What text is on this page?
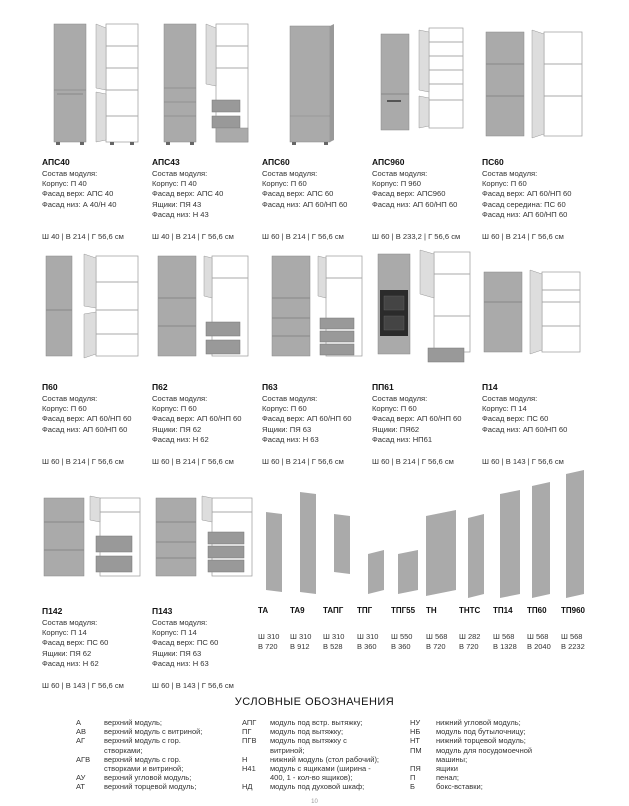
АПС40
Состав модуля:
Корпус: П 40
Фасад верх: АПС 40
Фасад низ: А 40/Н 40
Ш 40 | В 214 | Г 56,6 см
АПС43
Состав модуля:
Корпус: П 40
Фасад верх: АПС 40
Ящики: ПЯ 43
Фасад низ: Н 43
Ш 40 | В 214 | Г 56,6 см
АПС60
Состав модуля:
Корпус: П 60
Фасад верх: АПС 60
Фасад низ: АП 60/НП 60
Ш 60 | В 214 | Г 56,6 см
АПС960
Состав модуля:
Корпус: П 960
Фасад верх: АПС960
Фасад низ: АП 60/НП 60
Ш 60 | В 233,2 | Г 56,6 см
ПС60
Состав модуля:
Корпус: П 60
Фасад верх: АП 60/НП 60
Фасад середина: ПС 60
Фасад низ: АП 60/НП 60
Ш 60 | В 214 | Г 56,6 см
П60
Состав модуля:
Корпус: П 60
Фасад верх: АП 60/НП 60
Фасад низ: АП 60/НП 60
Ш 60 | В 214 | Г 56,6 см
П62
Состав модуля:
Корпус: П 60
Фасад верх: АП 60/НП 60
Ящики: ПЯ 62
Фасад низ: Н 62
Ш 60 | В 214 | Г 56,6 см
П63
Состав модуля:
Корпус: П 60
Фасад верх: АП 60/НП 60
Ящики: ПЯ 63
Фасад низ: Н 63
Ш 60 | В 214 | Г 56,6 см
ПП61
Состав модуля:
Корпус: П 60
Фасад верх: АП 60/НП 60
Ящики: ПЯ62
Фасад низ: НП61
Ш 60 | В 214 | Г 56,6 см
П14
Состав модуля:
Корпус: П 14
Фасад верх: ПС 60
Фасад низ: АП 60/НП 60
Ш 60 | В 143 | Г 56,6 см
П142
Состав модуля:
Корпус: П 14
Фасад верх: ПС 60
Ящики: ПЯ 62
Фасад низ: Н 62
Ш 60 | В 143 | Г 56,6 см
П143
Состав модуля:
Корпус: П 14
Фасад верх: ПС 60
Ящики: ПЯ 63
Фасад низ: Н 63
Ш 60 | В 143 | Г 56,6 см
ТА
Ш 310
В 720
ТА9
Ш 310
В 912
ТАПГ
Ш 310
В 528
ТПГ
Ш 310
В 360
ТПГ55
Ш 550
В 360
ТН
Ш 568
В 720
ТНТС
Ш 282
В 720
ТП14
Ш 568
В 1328
ТП60
Ш 568
В 2040
ТП960
Ш 568
В 2232
УСЛОВНЫЕ ОБОЗНАЧЕНИЯ
А	верхний модуль;
АВ верхний модуль с витриной;
АГ	верхний модуль с гор.
створками;
АГВ верхний модуль с гор.
створками и витриной;
АУ верхний угловой модуль;
АТ	верхний торцевой модуль;
АПГ модуль под встр. вытяжку;
ПГ модуль под вытяжку;
ПГВ модуль под вытяжку с
витриной;
Н	нижний модуль (стол рабочий);
Н41 модуль с ящиками (ширина -
400, 1 - кол-во ящиков);
НД модуль под духовой шкаф;
НУ нижний угловой модуль;
НБ модуль под бутылочницу;
НТ нижний торцевой модуль;
ПМ модуль для посудомоечной
машины;
ПЯ ящики
П	пенал;
Б	бокс-вставки;
10
